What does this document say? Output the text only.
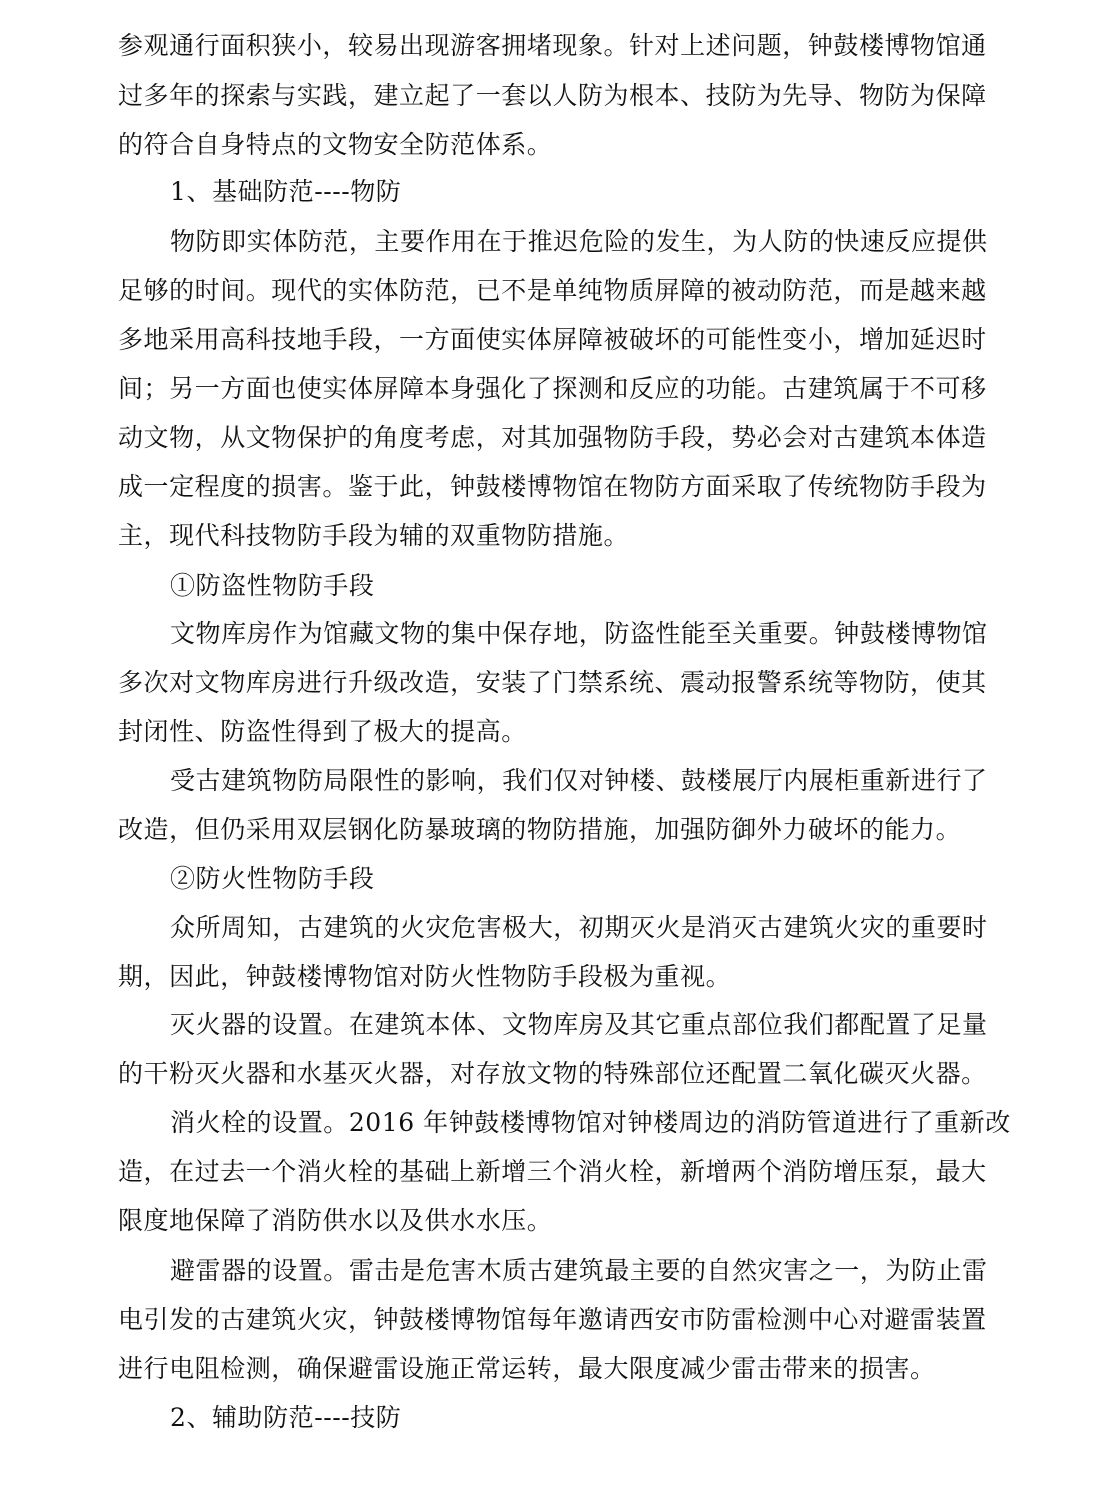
参观通行面积狭小，较易出现游客拥堵现象。针对上述问题，钟鼓楼博物馆通
过多年的探索与实践，建立起了一套以人防为根本、技防为先导、物防为保障
的符合自身特点的文物安全防范体系。
1、基础防范----物防
物防即实体防范，主要作用在于推迟危险的发生，为人防的快速反应提供
足够的时间。现代的实体防范，已不是单纯物质屏障的被动防范，而是越来越
多地采用高科技地手段，一方面使实体屏障被破坏的可能性变小，增加延迟时
间；另一方面也使实体屏障本身强化了探测和反应的功能。古建筑属于不可移
动文物，从文物保护的角度考虑，对其加强物防手段，势必会对古建筑本体造
成一定程度的损害。鉴于此，钟鼓楼博物馆在物防方面采取了传统物防手段为
主，现代科技物防手段为辅的双重物防措施。
①防盗性物防手段
文物库房作为馆藏文物的集中保存地，防盗性能至关重要。钟鼓楼博物馆
多次对文物库房进行升级改造，安装了门禁系统、震动报警系统等物防，使其
封闭性、防盗性得到了极大的提高。
受古建筑物防局限性的影响，我们仅对钟楼、鼓楼展厅内展柜重新进行了
改造，但仍采用双层钢化防暴玻璃的物防措施，加强防御外力破坏的能力。
②防火性物防手段
众所周知，古建筑的火灾危害极大，初期灭火是消灭古建筑火灾的重要时
期，因此，钟鼓楼博物馆对防火性物防手段极为重视。
灭火器的设置。在建筑本体、文物库房及其它重点部位我们都配置了足量
的干粉灭火器和水基灭火器，对存放文物的特殊部位还配置二氧化碳灭火器。
消火栓的设置。2016 年钟鼓楼博物馆对钟楼周边的消防管道进行了重新改
造，在过去一个消火栓的基础上新增三个消火栓，新增两个消防增压泵，最大
限度地保障了消防供水以及供水水压。
避雷器的设置。雷击是危害木质古建筑最主要的自然灾害之一，为防止雷
电引发的古建筑火灾，钟鼓楼博物馆每年邀请西安市防雷检测中心对避雷装置
进行电阻检测，确保避雷设施正常运转，最大限度减少雷击带来的损害。
2、辅助防范----技防
